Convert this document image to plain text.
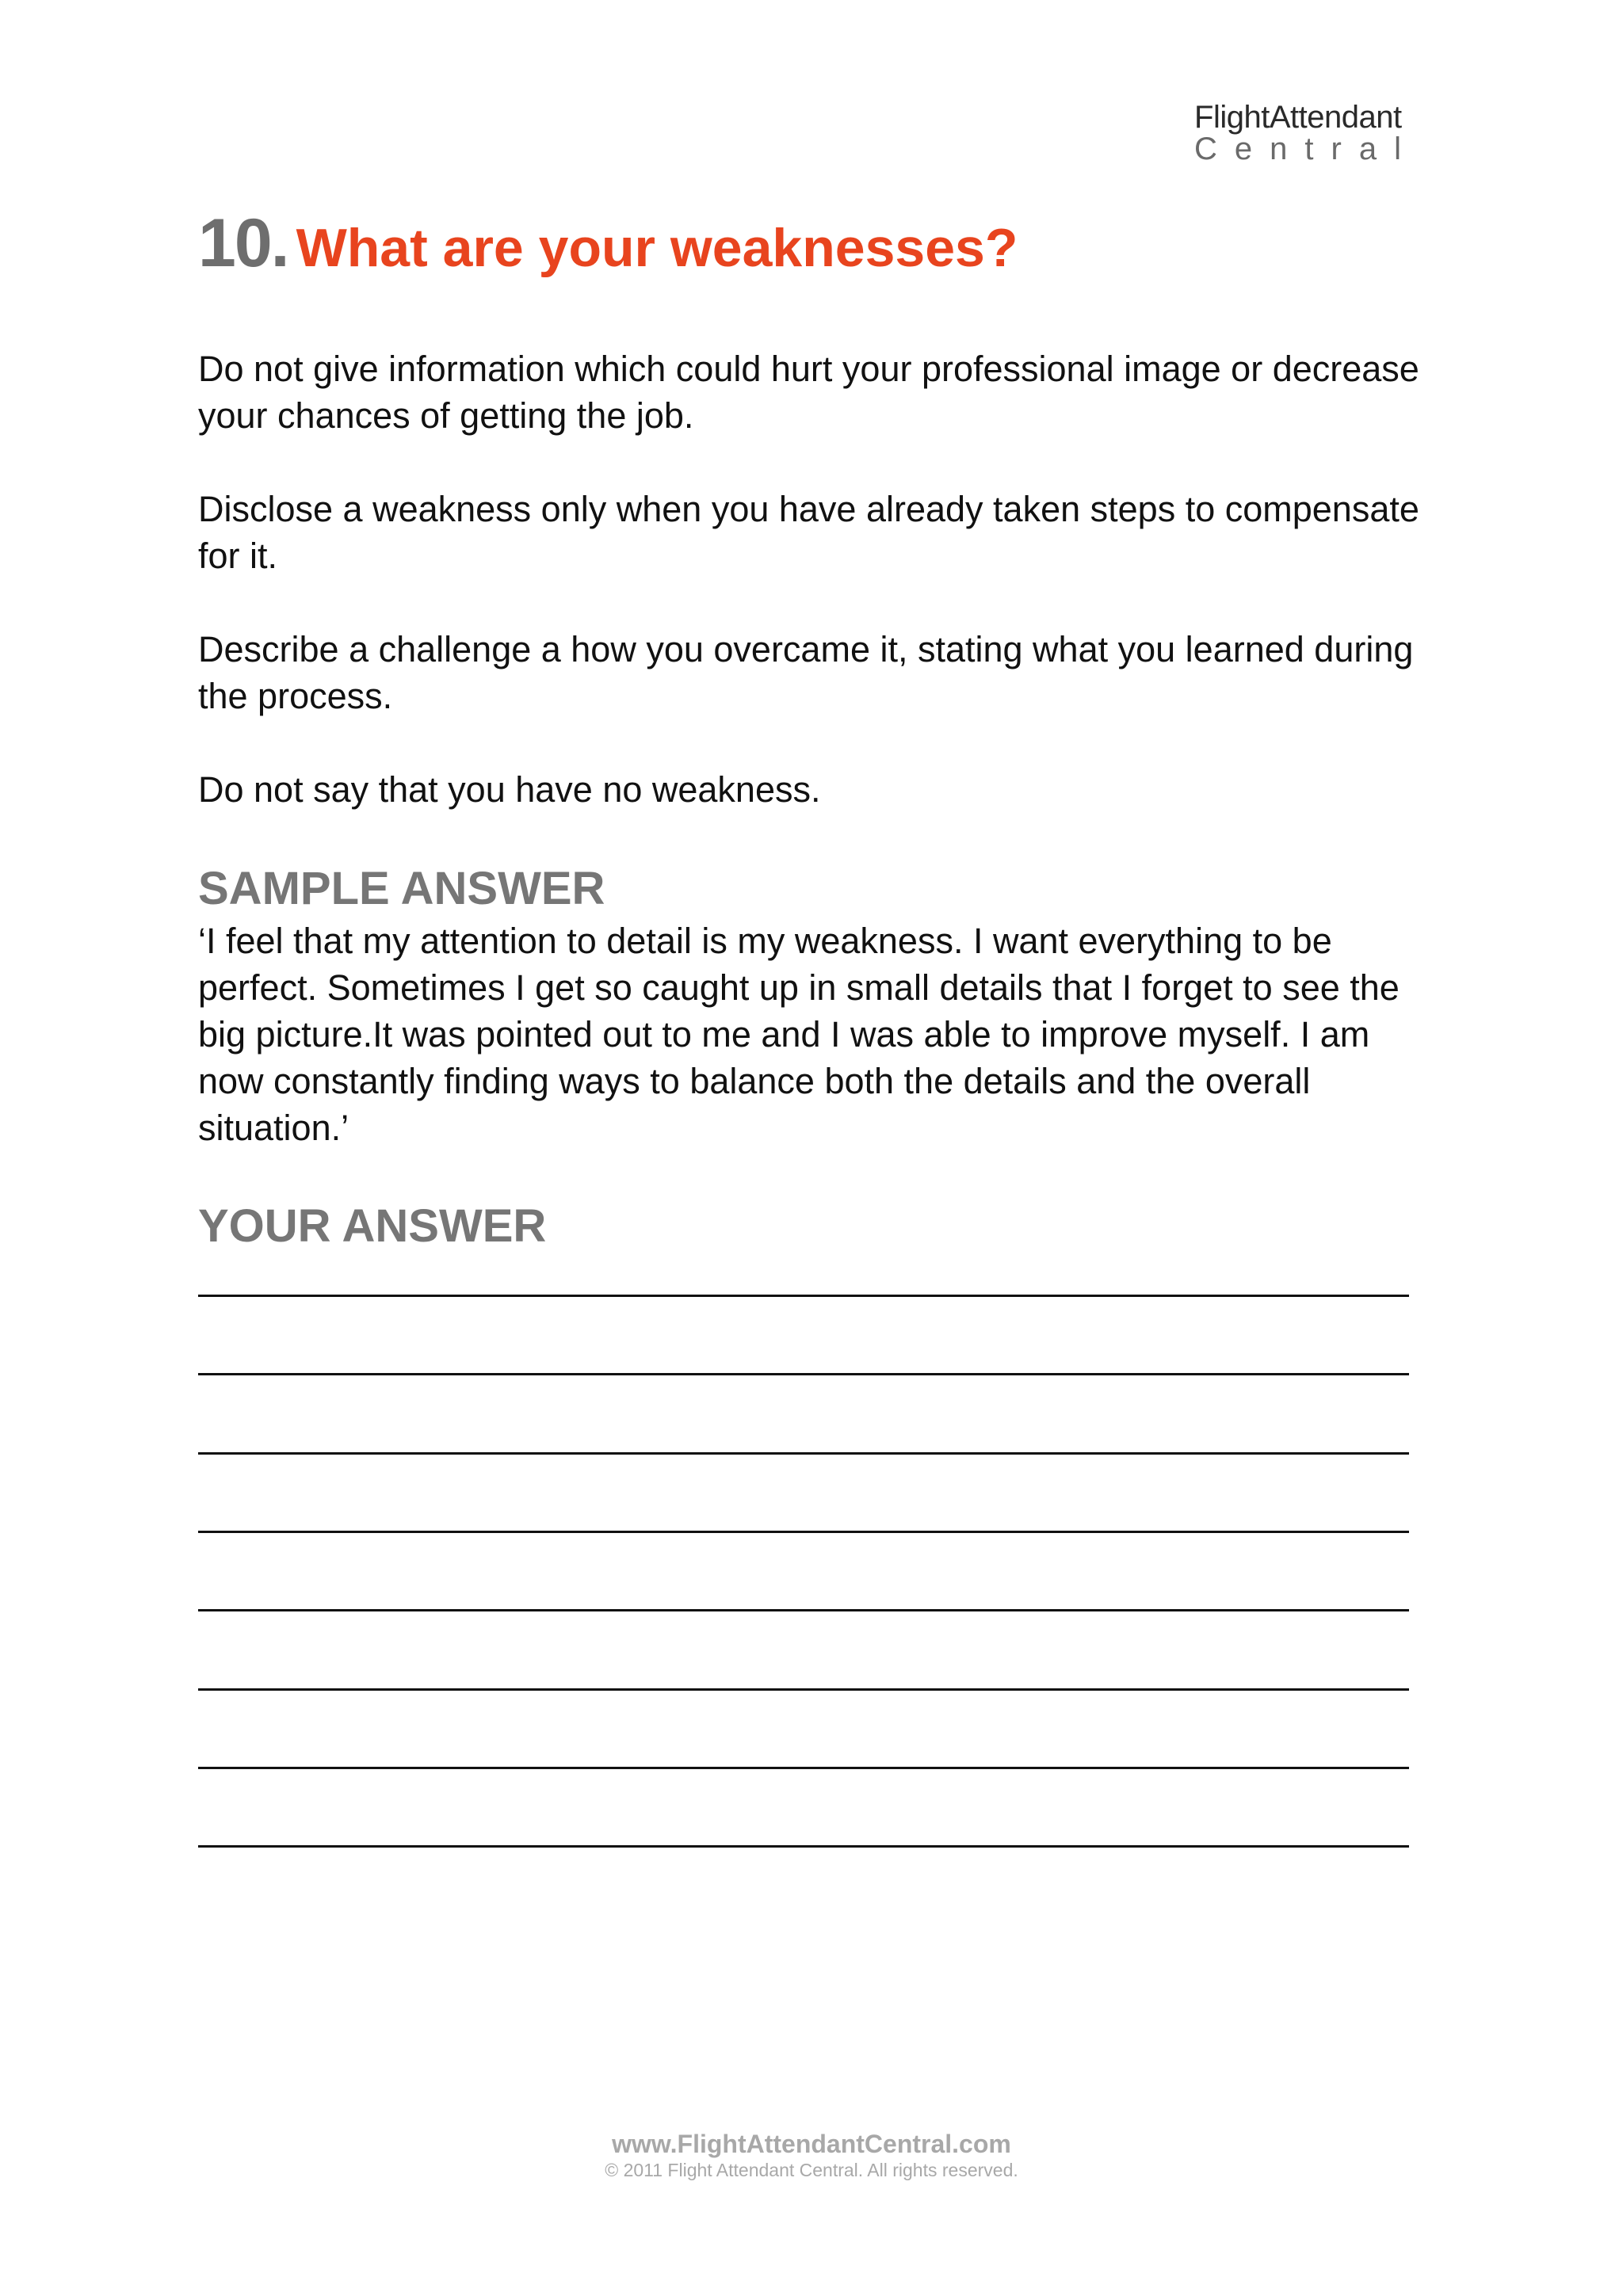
FlightAttendant
Central
10. What are your weaknesses?

Do not give information which could hurt your professional image or decrease your chances of getting the job.

Disclose a weakness only when you have already taken steps to compensate for it.

Describe a challenge a how you overcame it, stating what you learned during the process.

Do not say that you have no weakness.

SAMPLE ANSWER

‘I feel that my attention to detail is my weakness. I want everything to be perfect. Sometimes I get so caught up in small details that I forget to see the big picture.It was pointed out to me and I was able to improve myself. I am now constantly finding ways to balance both the details and the overall situation.’

YOUR ANSWER
www.FlightAttendantCentral.com
© 2011 Flight Attendant Central. All rights reserved.
